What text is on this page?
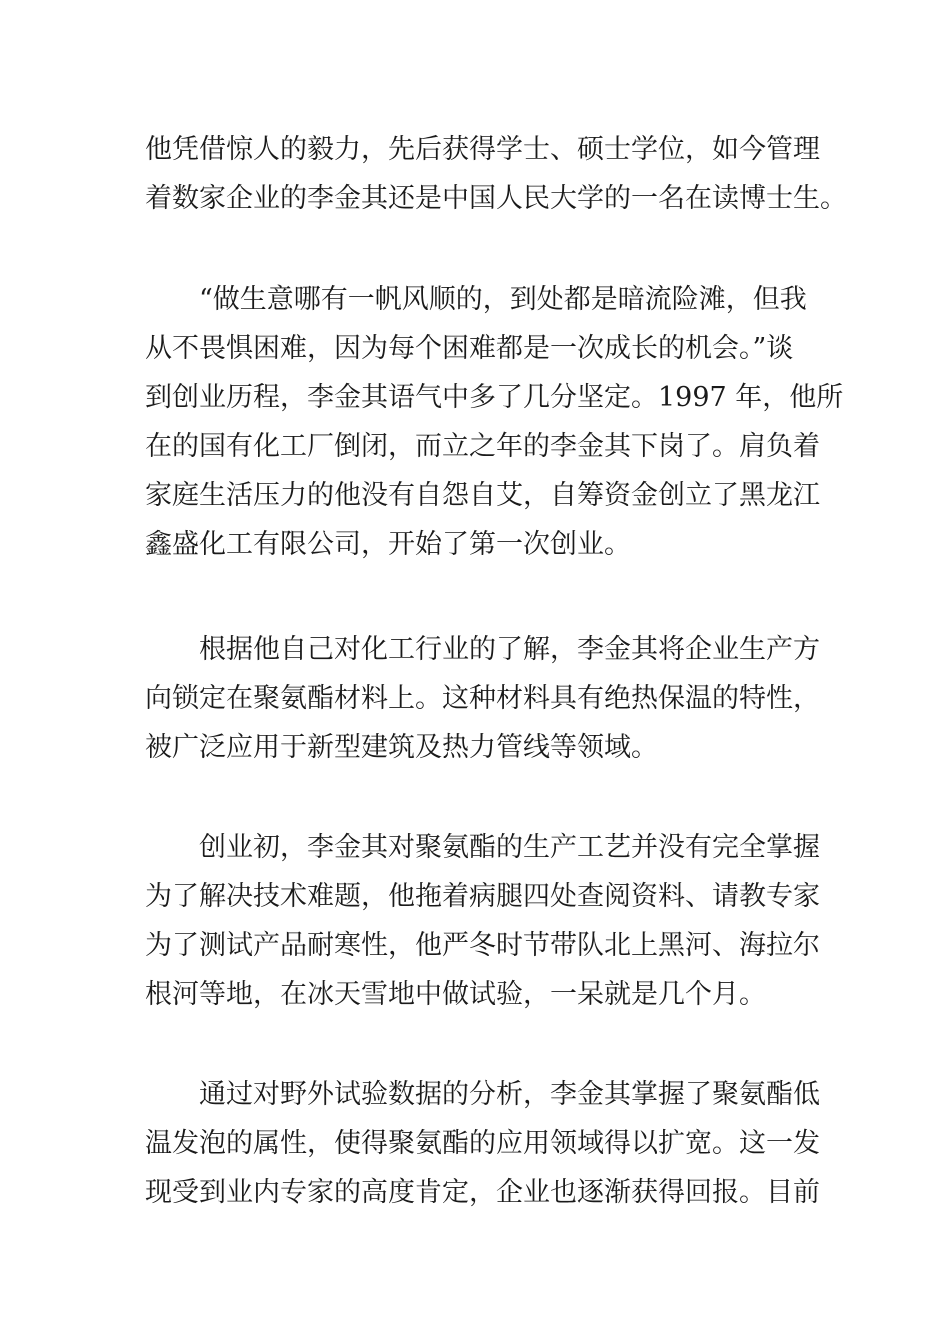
他凭借惊人的毅力，先后获得学士、硕士学位，如今管理
着数家企业的李金其还是中国人民大学的一名在读博士生。
“做生意哪有一帆风顺的，到处都是暗流险滩，但我
从不畏惧困难，因为每个困难都是一次成长的机会。”谈
到创业历程，李金其语气中多了几分坚定。1997 年，他所
在的国有化工厂倒闭，而立之年的李金其下岗了。肩负着
家庭生活压力的他没有自怨自艾，自筹资金创立了黑龙江
鑫盛化工有限公司，开始了第一次创业。
根据他自己对化工行业的了解，李金其将企业生产方
向锁定在聚氨酯材料上。这种材料具有绝热保温的特性，
被广泛应用于新型建筑及热力管线等领域。
创业初，李金其对聚氨酯的生产工艺并没有完全掌握
为了解决技术难题，他拖着病腿四处查阅资料、请教专家
为了测试产品耐寒性，他严冬时节带队北上黑河、海拉尔
根河等地，在冰天雪地中做试验，一呆就是几个月。
通过对野外试验数据的分析，李金其掌握了聚氨酯低
温发泡的属性，使得聚氨酯的应用领域得以扩宽。这一发
现受到业内专家的高度肯定，企业也逐渐获得回报。目前
